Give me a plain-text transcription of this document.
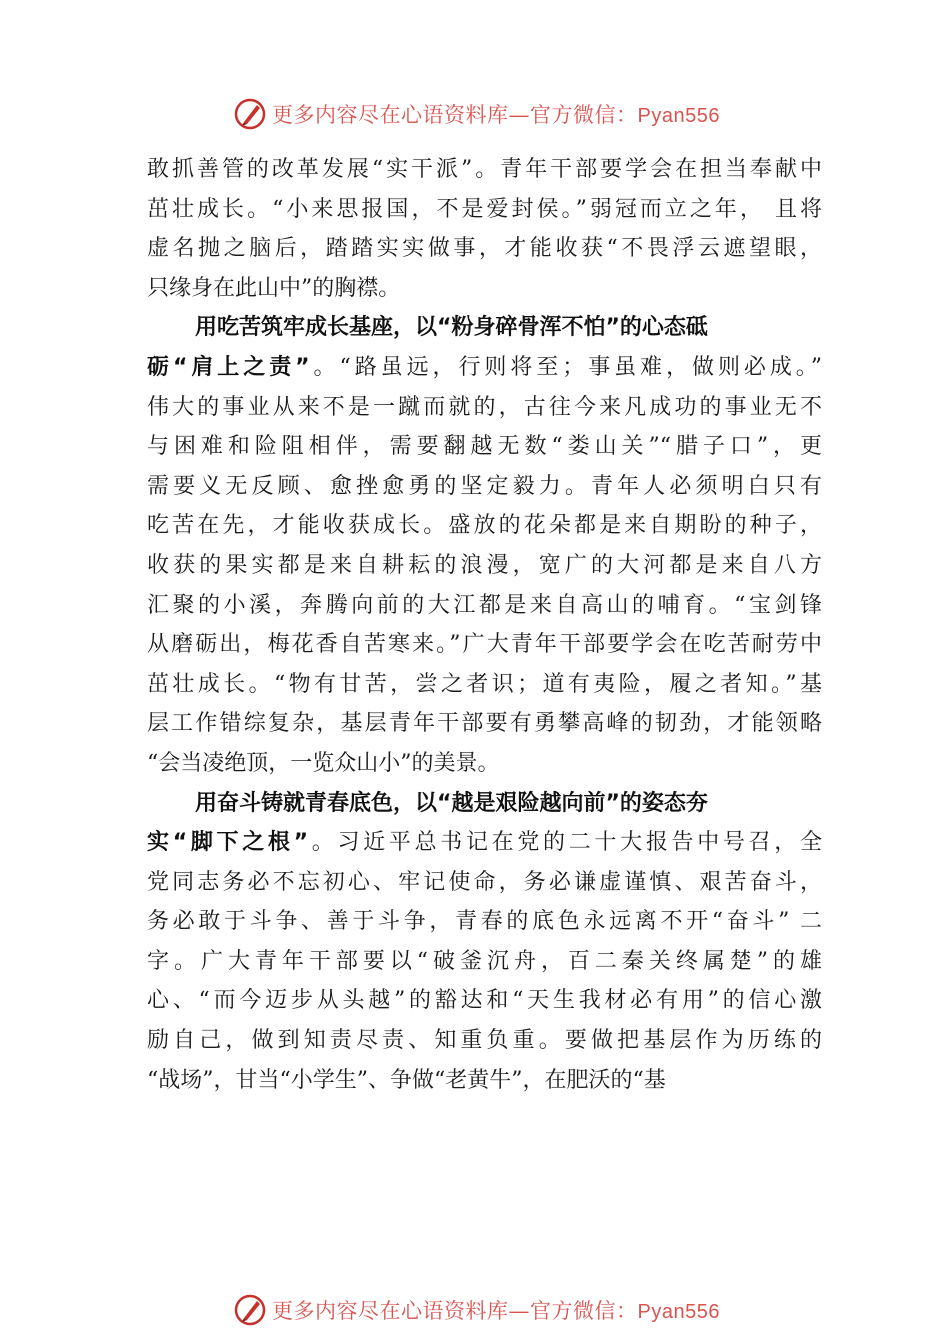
更多内容尽在心语资料库—官方微信：Pyan556
敢抓善管的改革发展“实干派”。青年干部要学会在担当奉献中
茁壮成长。“小来思报国，不是爱封侯。”弱冠而立之年， 且将
虚名抛之脑后，踏踏实实做事，才能收获“不畏浮云遮望眼，
只缘身在此山中”的胸襟。
用吃苦筑牢成长基座，以“粉身碎骨浑不怕”的心态砥
砺“肩上之责”。“路虽远，行则将至；事虽难，做则必成。”
伟大的事业从来不是一蹴而就的，古往今来凡成功的事业无不
与困难和险阻相伴，需要翻越无数“娄山关”“腊子口”，更
需要义无反顾、愈挫愈勇的坚定毅力。青年人必须明白只有
吃苦在先，才能收获成长。盛放的花朵都是来自期盼的种子，
收获的果实都是来自耕耘的浪漫，宽广的大河都是来自八方
汇聚的小溪，奔腾向前的大江都是来自高山的哺育。“宝剑锋
从磨砺出，梅花香自苦寒来。”广大青年干部要学会在吃苦耐劳中
茁壮成长。“物有甘苦，尝之者识；道有夷险，履之者知。”基
层工作错综复杂，基层青年干部要有勇攀高峰的韧劲，才能领略
“会当凌绝顶，一览众山小”的美景。
用奋斗铸就青春底色，以“越是艰险越向前”的姿态夯
实“脚下之根”。习近平总书记在党的二十大报告中号召，全
党同志务必不忘初心、牢记使命，务必谦虚谨慎、艰苦奋斗，
务必敢于斗争、善于斗争，青春的底色永远离不开“奋斗” 二
字。广大青年干部要以“破釜沉舟，百二秦关终属楚”的雄
心、“而今迈步从头越”的豁达和“天生我材必有用”的信心激
励自己，做到知责尽责、知重负重。要做把基层作为历练的
“战场”，甘当“小学生”、争做“老黄牛”，在肥沃的“基
更多内容尽在心语资料库—官方微信：Pyan556
